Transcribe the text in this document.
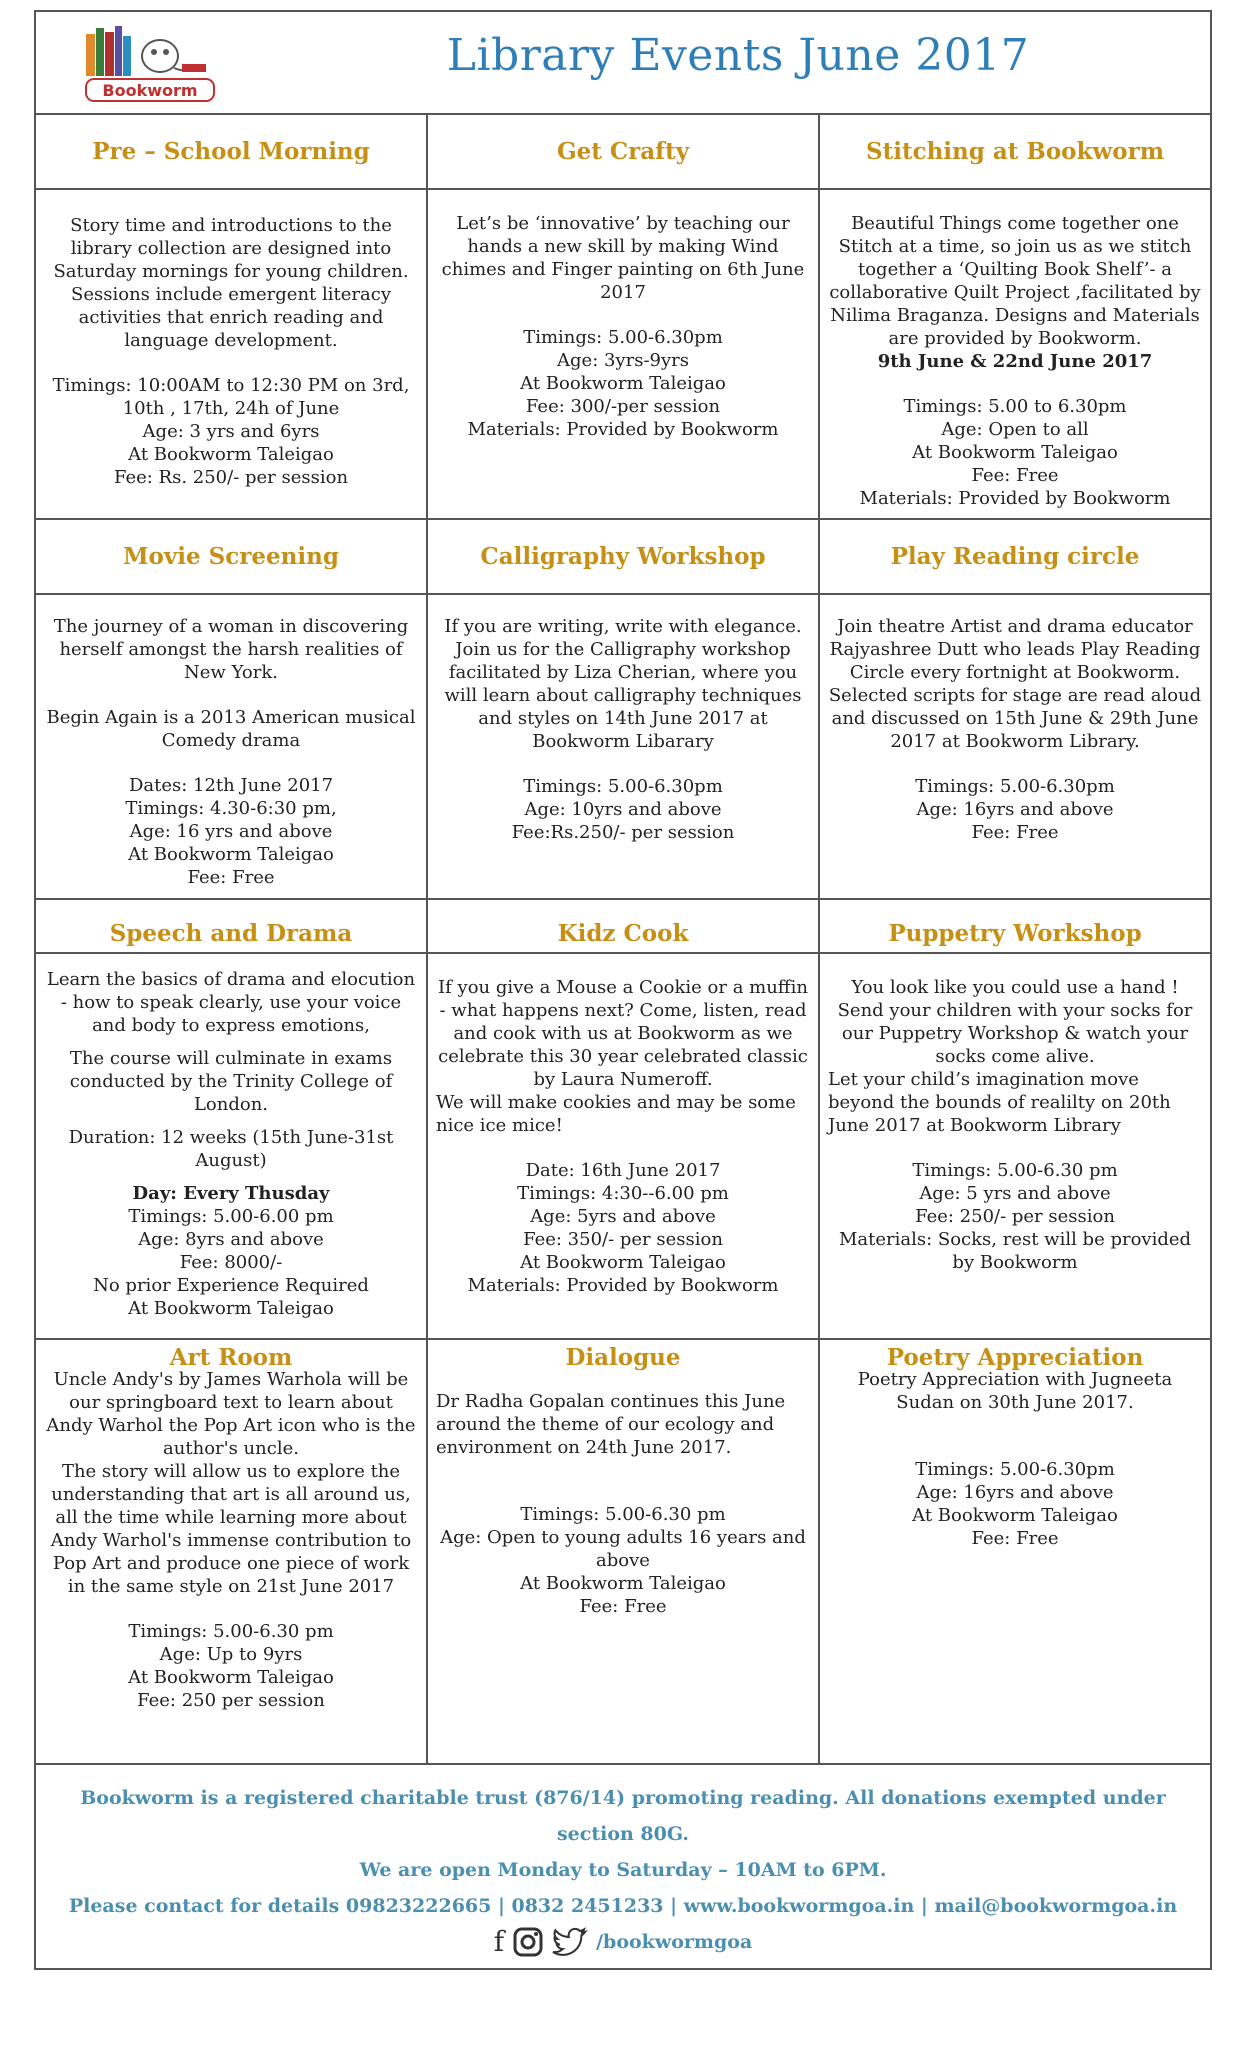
Bookworm
Library Events June 2017
Pre – School Morning

Story time and introductions to the library collection are designed into Saturday mornings for young children. Sessions include emergent literacy activities that enrich reading and language development.

Timings: 10:00AM to 12:30 PM on 3rd, 10th , 17th, 24h of June

Age: 3 yrs and 6yrs

At Bookworm Taleigao

Fee: Rs. 250/- per session

Get Crafty

Let’s be ‘innovative’ by teaching our hands a new skill by making Wind chimes and Finger painting on 6th June 2017

Timings: 5.00-6.30pm

Age: 3yrs-9yrs

At Bookworm Taleigao

Fee: 300/-per session

Materials: Provided by Bookworm

Stitching at Bookworm

Beautiful Things come together one Stitch at a time, so join us as we stitch together a ‘Quilting Book Shelf’- a collaborative Quilt Project ,facilitated by Nilima Braganza. Designs and Materials are provided by Bookworm.

9th June & 22nd June 2017

Timings: 5.00 to 6.30pm

Age: Open to all

At Bookworm Taleigao

Fee: Free

Materials: Provided by Bookworm

Movie Screening

The journey of a woman in discovering herself amongst the harsh realities of New York.

Begin Again is a 2013 American musical Comedy drama

Dates: 12th June 2017

Timings: 4.30-6:30 pm,

Age: 16 yrs and above

At Bookworm Taleigao

Fee: Free

Calligraphy Workshop

If you are writing, write with elegance. Join us for the Calligraphy workshop facilitated by Liza Cherian, where you will learn about calligraphy techniques and styles on 14th June 2017 at Bookworm Libarary

Timings: 5.00-6.30pm

Age: 10yrs and above

Fee:Rs.250/- per session

Play Reading circle

Join theatre Artist and drama educator Rajyashree Dutt who leads Play Reading Circle every fortnight at Bookworm. Selected scripts for stage are read aloud and discussed on 15th June & 29th June 2017 at Bookworm Library.

Timings: 5.00-6.30pm

Age: 16yrs and above

Fee: Free

Speech and Drama

Learn the basics of drama and elocution - how to speak clearly, use your voice and body to express emotions,

The course will culminate in exams conducted by the Trinity College of London.

Duration: 12 weeks (15th June-31st August)

Day: Every Thusday

Timings: 5.00-6.00 pm

Age: 8yrs and above

Fee: 8000/-

No prior Experience Required

At Bookworm Taleigao

Kidz Cook

If you give a Mouse a Cookie or a muffin - what happens next? Come, listen, read and cook with us at Bookworm as we celebrate this 30 year celebrated classic by Laura Numeroff.

We will make cookies and may be some nice ice mice!

Date: 16th June 2017

Timings: 4:30--6.00 pm

Age: 5yrs and above

Fee: 350/- per session

At Bookworm Taleigao

Materials: Provided by Bookworm

Puppetry Workshop

You look like you could use a hand ! Send your children with your socks for our Puppetry Workshop & watch your socks come alive.

Let your child’s imagination move beyond the bounds of realilty on 20th June 2017 at Bookworm Library

Timings: 5.00-6.30 pm

Age: 5 yrs and above

Fee: 250/- per session

Materials: Socks, rest will be provided by Bookworm

Art Room

Uncle Andy's by James Warhola will be our springboard text to learn about Andy Warhol the Pop Art icon who is the author's uncle.

The story will allow us to explore the understanding that art is all around us, all the time while learning more about Andy Warhol's immense contribution to Pop Art and produce one piece of work in the same style on 21st June 2017

Timings: 5.00-6.30 pm

Age: Up to 9yrs

At Bookworm Taleigao

Fee: 250 per session

Dialogue

Dr Radha Gopalan continues this June around the theme of our ecology and environment on 24th June 2017.

Timings: 5.00-6.30 pm

Age: Open to young adults 16 years and above

At Bookworm Taleigao

Fee: Free

Poetry Appreciation

Poetry Appreciation with Jugneeta Sudan on 30th June 2017.

Timings: 5.00-6.30pm

Age: 16yrs and above

At Bookworm Taleigao

Fee: Free

Bookworm is a registered charitable trust (876/14) promoting reading. All donations exempted under section 80G.
We are open Monday to Saturday – 10AM to 6PM.
Please contact for details 09823222665 | 0832 2451233 | www.bookwormgoa.in | mail@bookwormgoa.in
f	/bookwormgoa
